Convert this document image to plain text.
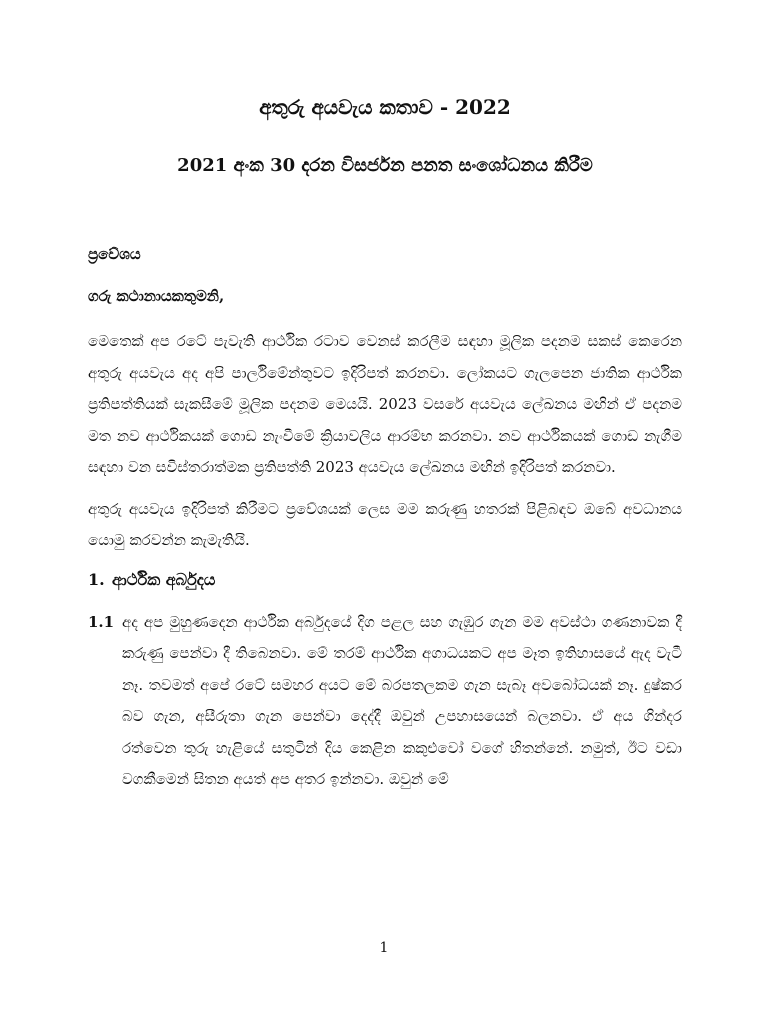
අතුරු අයවැය කතාව - 2022
2021 අංක 30 දරන විසර්ජන පනත සංශෝධනය කිරීම
ප්‍රවේශය
ගරු කථානායකතුමනි,

මෙතෙක් අප රටේ පැවැති ආර්ථික රටාව වෙනස් කරලීම සඳහා මූලික පදනම සකස් කෙරෙන අතුරු අයවැය අද අපි පාර්ලිමේන්තුවට ඉදිරිපත් කරනවා. ලෝකයට ගැලපෙන ජාතික ආර්ථික ප්‍රතිපත්තියක් සැකසීමේ මූලික පදනම මෙයයි. 2023 වසරේ අයවැය ලේඛනය මඟින් ඒ පදනම මත නව ආර්ථිකයක් ගොඩ නැංවීමේ ක්‍රියාවලිය ආරම්භ කරනවා. නව ආර්ථිකයක් ගොඩ නැගීම සඳහා වන සවිස්තරාත්මක ප්‍රතිපත්ති 2023 අයවැය ලේඛනය මඟින් ඉදිරිපත් කරනවා.

අතුරු අයවැය ඉදිරිපත් කිරීමට ප්‍රවේශයක් ලෙස මම කරුණු හතරක් පිළිබඳව ඔබේ අවධානය යොමු කරවන්න කැමැතියි.

1. ආර්ථික අර්බුදය
1.1 අද අප මුහුණදෙන ආර්ථික අර්බුදයේ දිග පළල සහ ගැඹුර ගැන මම අවස්ථා ගණනාවක දී කරුණු පෙන්වා දී තිබෙනවා. මේ තරම් ආර්ථික අගාධයකට අප මෑත ඉතිහාසයේ ඇද වැටී නෑ. තවමත් අපේ රටේ සමහර අයට මේ බරපතලකම ගැන සැබෑ අවබෝධයක් නෑ. දුෂ්කර බව ගැන, අසීරුතා ගැන පෙන්වා දෙද්දී ඔවුන් උපහාසයෙන් බලනවා. ඒ අය ගින්දර රත්වෙන තුරු හැළියේ සතුටින් දිය කෙළින කකුළුවෝ වගේ හිතන්නේ. නමුත්, ඊට වඩා වගකීමෙන් සිතන අයත් අප අතර ඉන්නවා. ඔවුන් මේ
1
